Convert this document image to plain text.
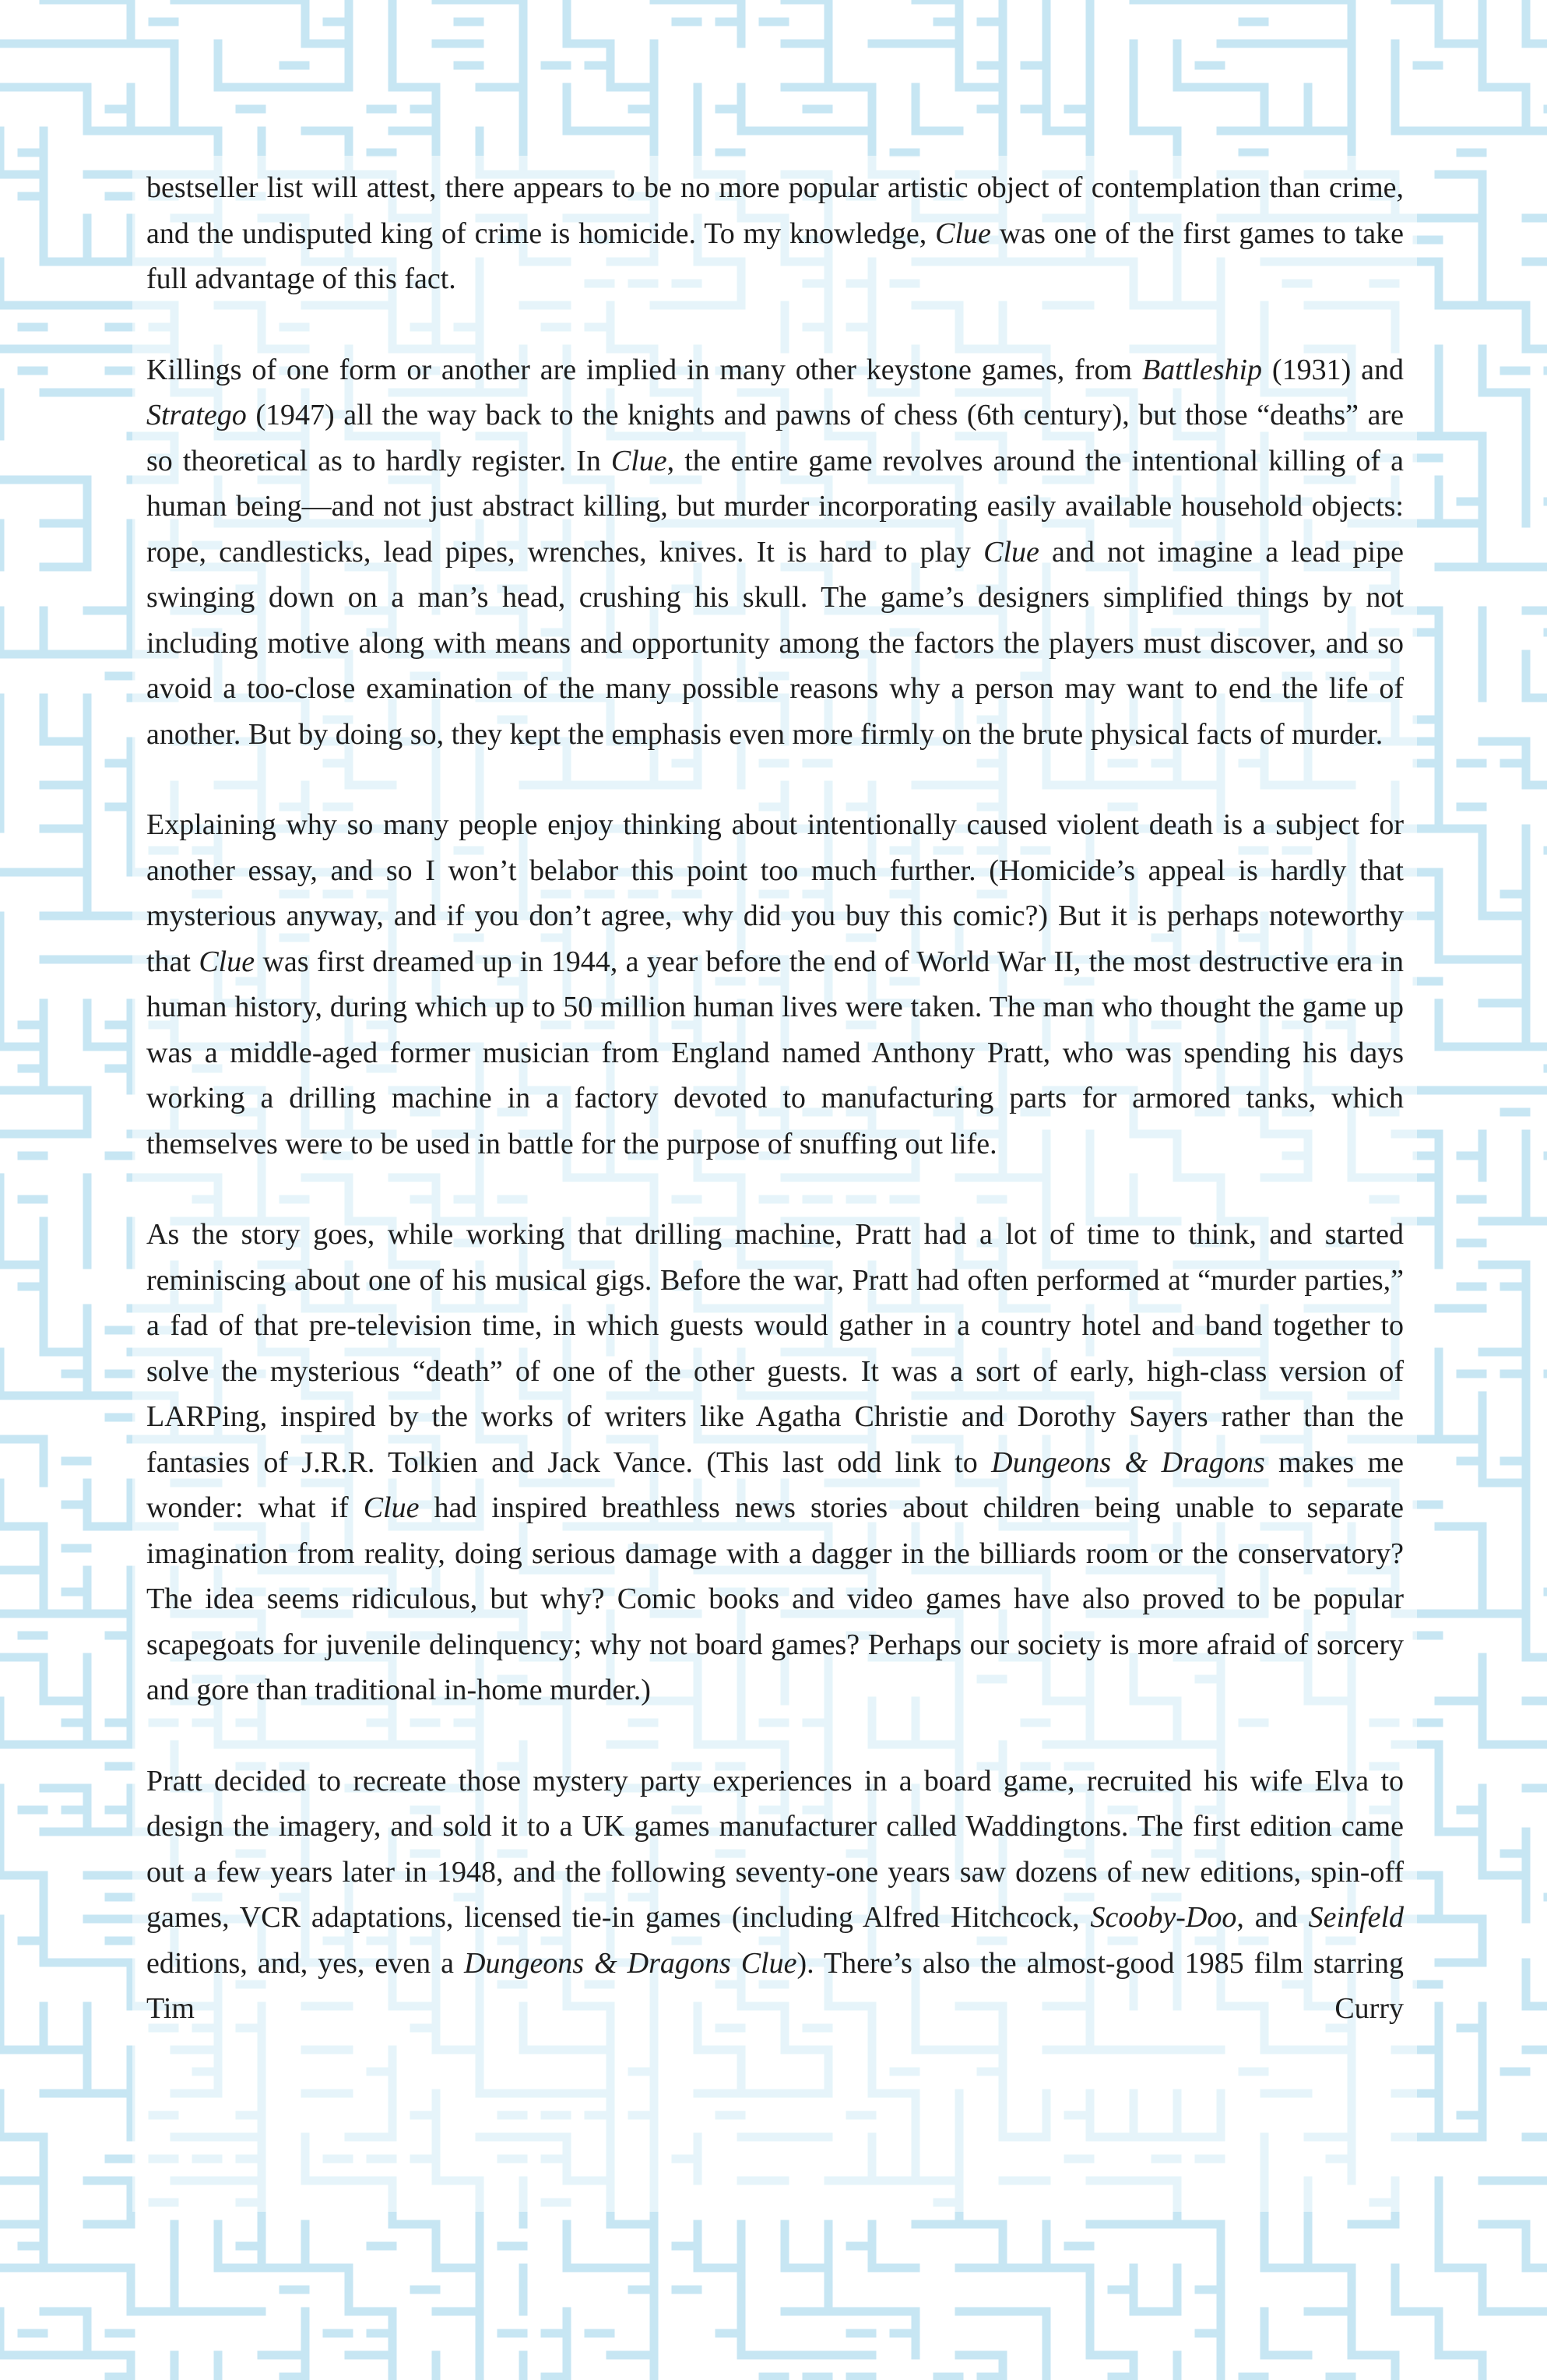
bestseller list will attest, there appears to be no more popular artistic object of contemplation than crime, and the undisputed king of crime is homicide. To my knowledge, Clue was one of the first games to take full advantage of this fact.

Killings of one form or another are implied in many other keystone games, from Battleship (1931) and Stratego (1947) all the way back to the knights and pawns of chess (6th century), but those “deaths” are so theoretical as to hardly register. In Clue, the entire game revolves around the intentional killing of a human being—and not just abstract killing, but murder incorporating easily available household objects: rope, candlesticks, lead pipes, wrenches, knives. It is hard to play Clue and not imagine a lead pipe swinging down on a man’s head, crushing his skull. The game’s designers simplified things by not including motive along with means and opportunity among the factors the players must discover, and so avoid a too-close examination of the many possible reasons why a person may want to end the life of another. But by doing so, they kept the emphasis even more firmly on the brute physical facts of murder.

Explaining why so many people enjoy thinking about intentionally caused violent death is a subject for another essay, and so I won’t belabor this point too much further. (Homicide’s appeal is hardly that mysterious anyway, and if you don’t agree, why did you buy this comic?) But it is perhaps noteworthy that Clue was first dreamed up in 1944, a year before the end of World War II, the most destructive era in human history, during which up to 50 million human lives were taken. The man who thought the game up was a middle-aged former musician from England named Anthony Pratt, who was spending his days working a drilling machine in a factory devoted to manufacturing parts for armored tanks, which themselves were to be used in battle for the purpose of snuffing out life.

As the story goes, while working that drilling machine, Pratt had a lot of time to think, and started reminiscing about one of his musical gigs. Before the war, Pratt had often performed at “murder parties,” a fad of that pre-television time, in which guests would gather in a country hotel and band together to solve the mysterious “death” of one of the other guests. It was a sort of early, high-class version of LARPing, inspired by the works of writers like Agatha Christie and Dorothy Sayers rather than the fantasies of J.R.R. Tolkien and Jack Vance. (This last odd link to Dungeons & Dragons makes me wonder: what if Clue had inspired breathless news stories about children being unable to separate imagination from reality, doing serious damage with a dagger in the billiards room or the conservatory? The idea seems ridiculous, but why? Comic books and video games have also proved to be popular scapegoats for juvenile delinquency; why not board games? Perhaps our society is more afraid of sorcery and gore than traditional in-home murder.)

Pratt decided to recreate those mystery party experiences in a board game, recruited his wife Elva to design the imagery, and sold it to a UK games manufacturer called Waddingtons. The first edition came out a few years later in 1948, and the following seventy-one years saw dozens of new editions, spin-off games, VCR adaptations, licensed tie-in games (including Alfred Hitchcock, Scooby-Doo, and Seinfeld editions, and, yes, even a Dungeons & Dragons Clue). There’s also the almost-good 1985 film starring Tim Curry
